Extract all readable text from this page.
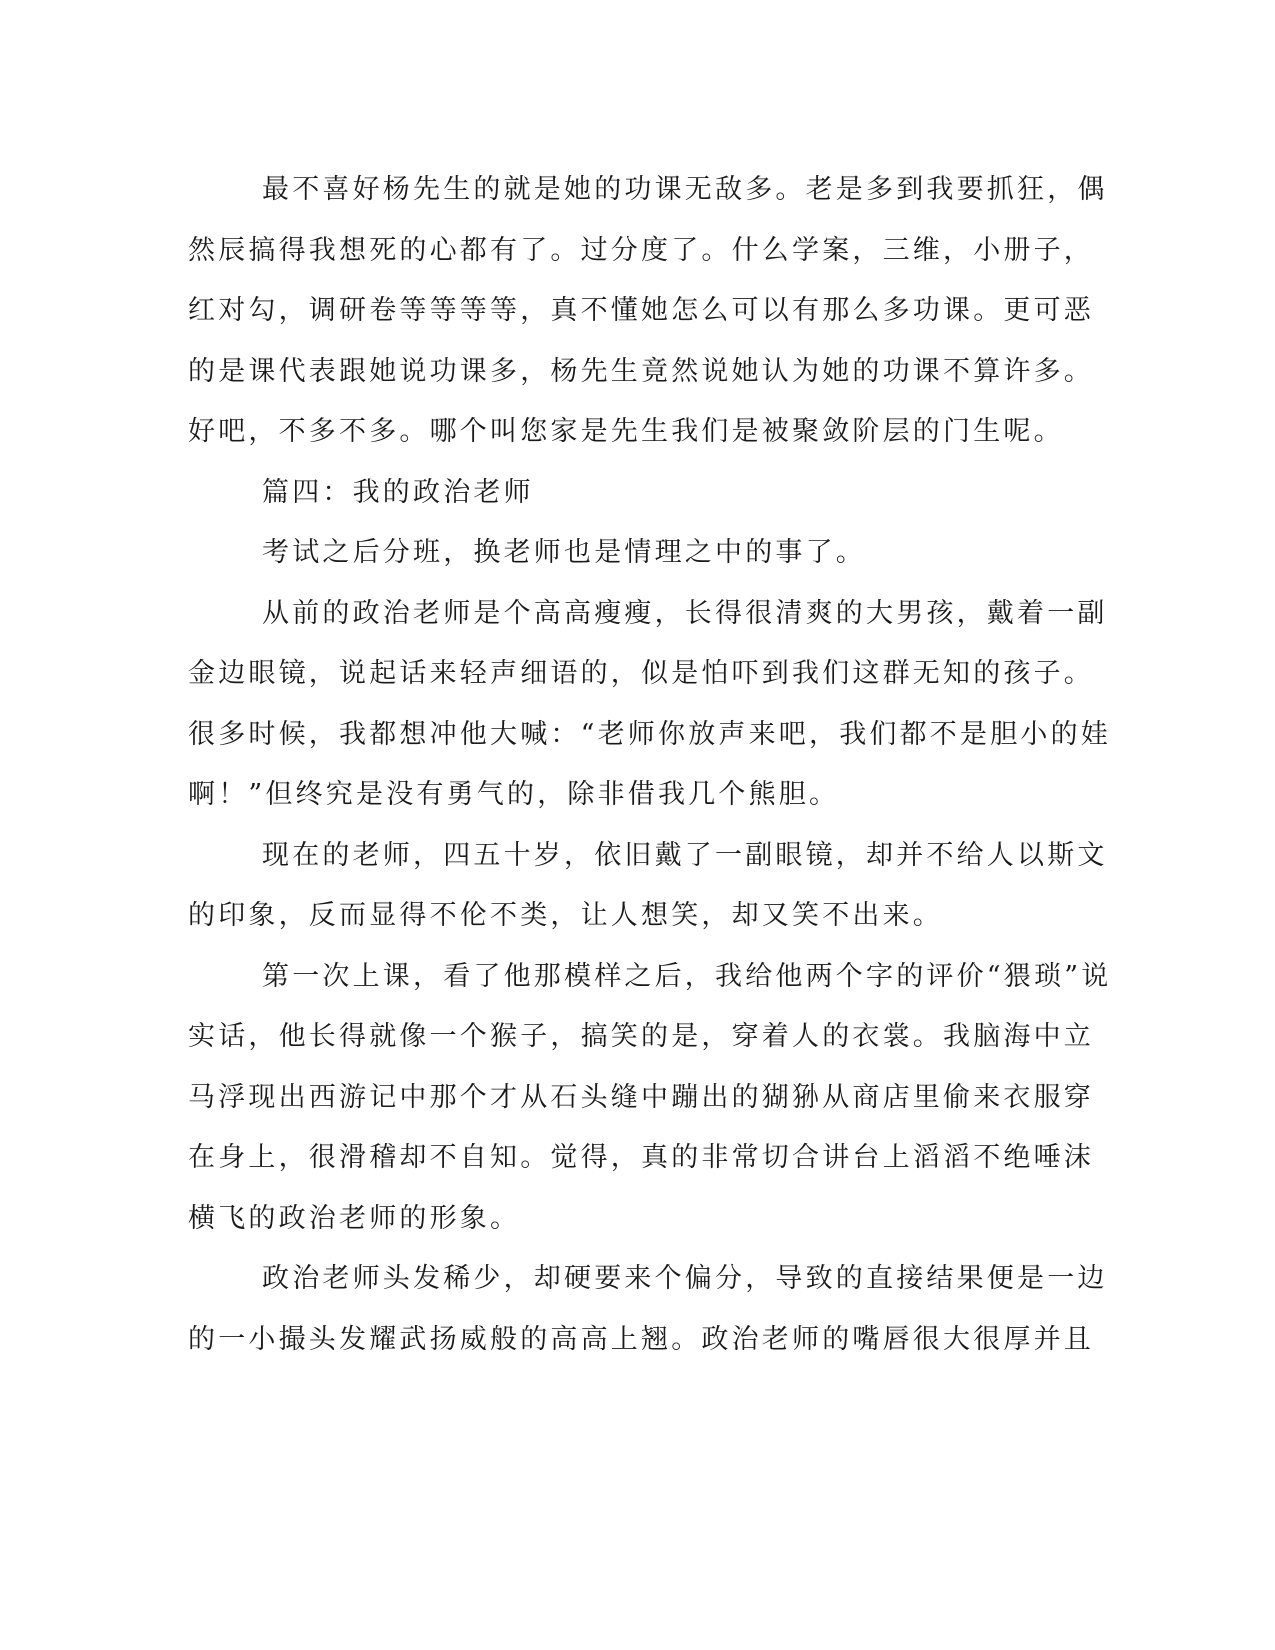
最不喜好杨先生的就是她的功课无敌多。老是多到我要抓狂，偶
然辰搞得我想死的心都有了。过分度了。什么学案，三维，小册子，
红对勾，调研卷等等等等，真不懂她怎么可以有那么多功课。更可恶
的是课代表跟她说功课多，杨先生竟然说她认为她的功课不算许多。
好吧，不多不多。哪个叫您家是先生我们是被聚敛阶层的门生呢。
篇四：我的政治老师
考试之后分班，换老师也是情理之中的事了。
从前的政治老师是个高高瘦瘦，长得很清爽的大男孩，戴着一副
金边眼镜，说起话来轻声细语的，似是怕吓到我们这群无知的孩子。
很多时候，我都想冲他大喊：“老师你放声来吧，我们都不是胆小的娃
啊！”但终究是没有勇气的，除非借我几个熊胆。
现在的老师，四五十岁，依旧戴了一副眼镜，却并不给人以斯文
的印象，反而显得不伦不类，让人想笑，却又笑不出来。
第一次上课，看了他那模样之后，我给他两个字的评价“猥琐”说
实话，他长得就像一个猴子，搞笑的是，穿着人的衣裳。我脑海中立
马浮现出西游记中那个才从石头缝中蹦出的猢狲从商店里偷来衣服穿
在身上，很滑稽却不自知。觉得，真的非常切合讲台上滔滔不绝唾沫
横飞的政治老师的形象。
政治老师头发稀少，却硬要来个偏分，导致的直接结果便是一边
的一小撮头发耀武扬威般的高高上翘。政治老师的嘴唇很大很厚并且
